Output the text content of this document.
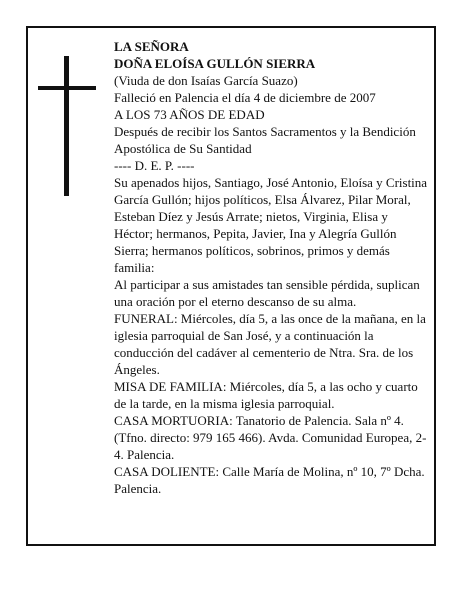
LA SEÑORA

DOÑA ELOÍSA GULLÓN SIERRA

(Viuda de don Isaías García Suazo)

Falleció en Palencia el día 4 de diciembre de 2007

A LOS 73 AÑOS DE EDAD

Después de recibir los Santos Sacramentos y la Bendición Apostólica de Su Santidad

---- D. E. P. ----

Su apenados hijos, Santiago, José Antonio, Eloísa y Cristina García Gullón; hijos políticos, Elsa Álvarez, Pilar Moral, Esteban Díez y Jesús Arrate; nietos, Virginia, Elisa y Héctor; hermanos, Pepita, Javier, Ina y Alegría Gullón Sierra; hermanos políticos, sobrinos, primos y demás familia:

Al participar a sus amistades tan sensible pérdida, suplican una oración por el eterno descanso de su alma.

FUNERAL: Miércoles, día 5, a las once de la mañana, en la iglesia parroquial de San José, y a continuación la conducción del cadáver al cementerio de Ntra. Sra. de los Ángeles.

MISA DE FAMILIA: Miércoles, día 5, a las ocho y cuarto de la tarde, en la misma iglesia parroquial.

CASA MORTUORIA: Tanatorio de Palencia. Sala nº 4. (Tfno. directo: 979 165 466). Avda. Comunidad Europea, 2-4. Palencia.

CASA DOLIENTE: Calle María de Molina, nº 10, 7º Dcha. Palencia.
